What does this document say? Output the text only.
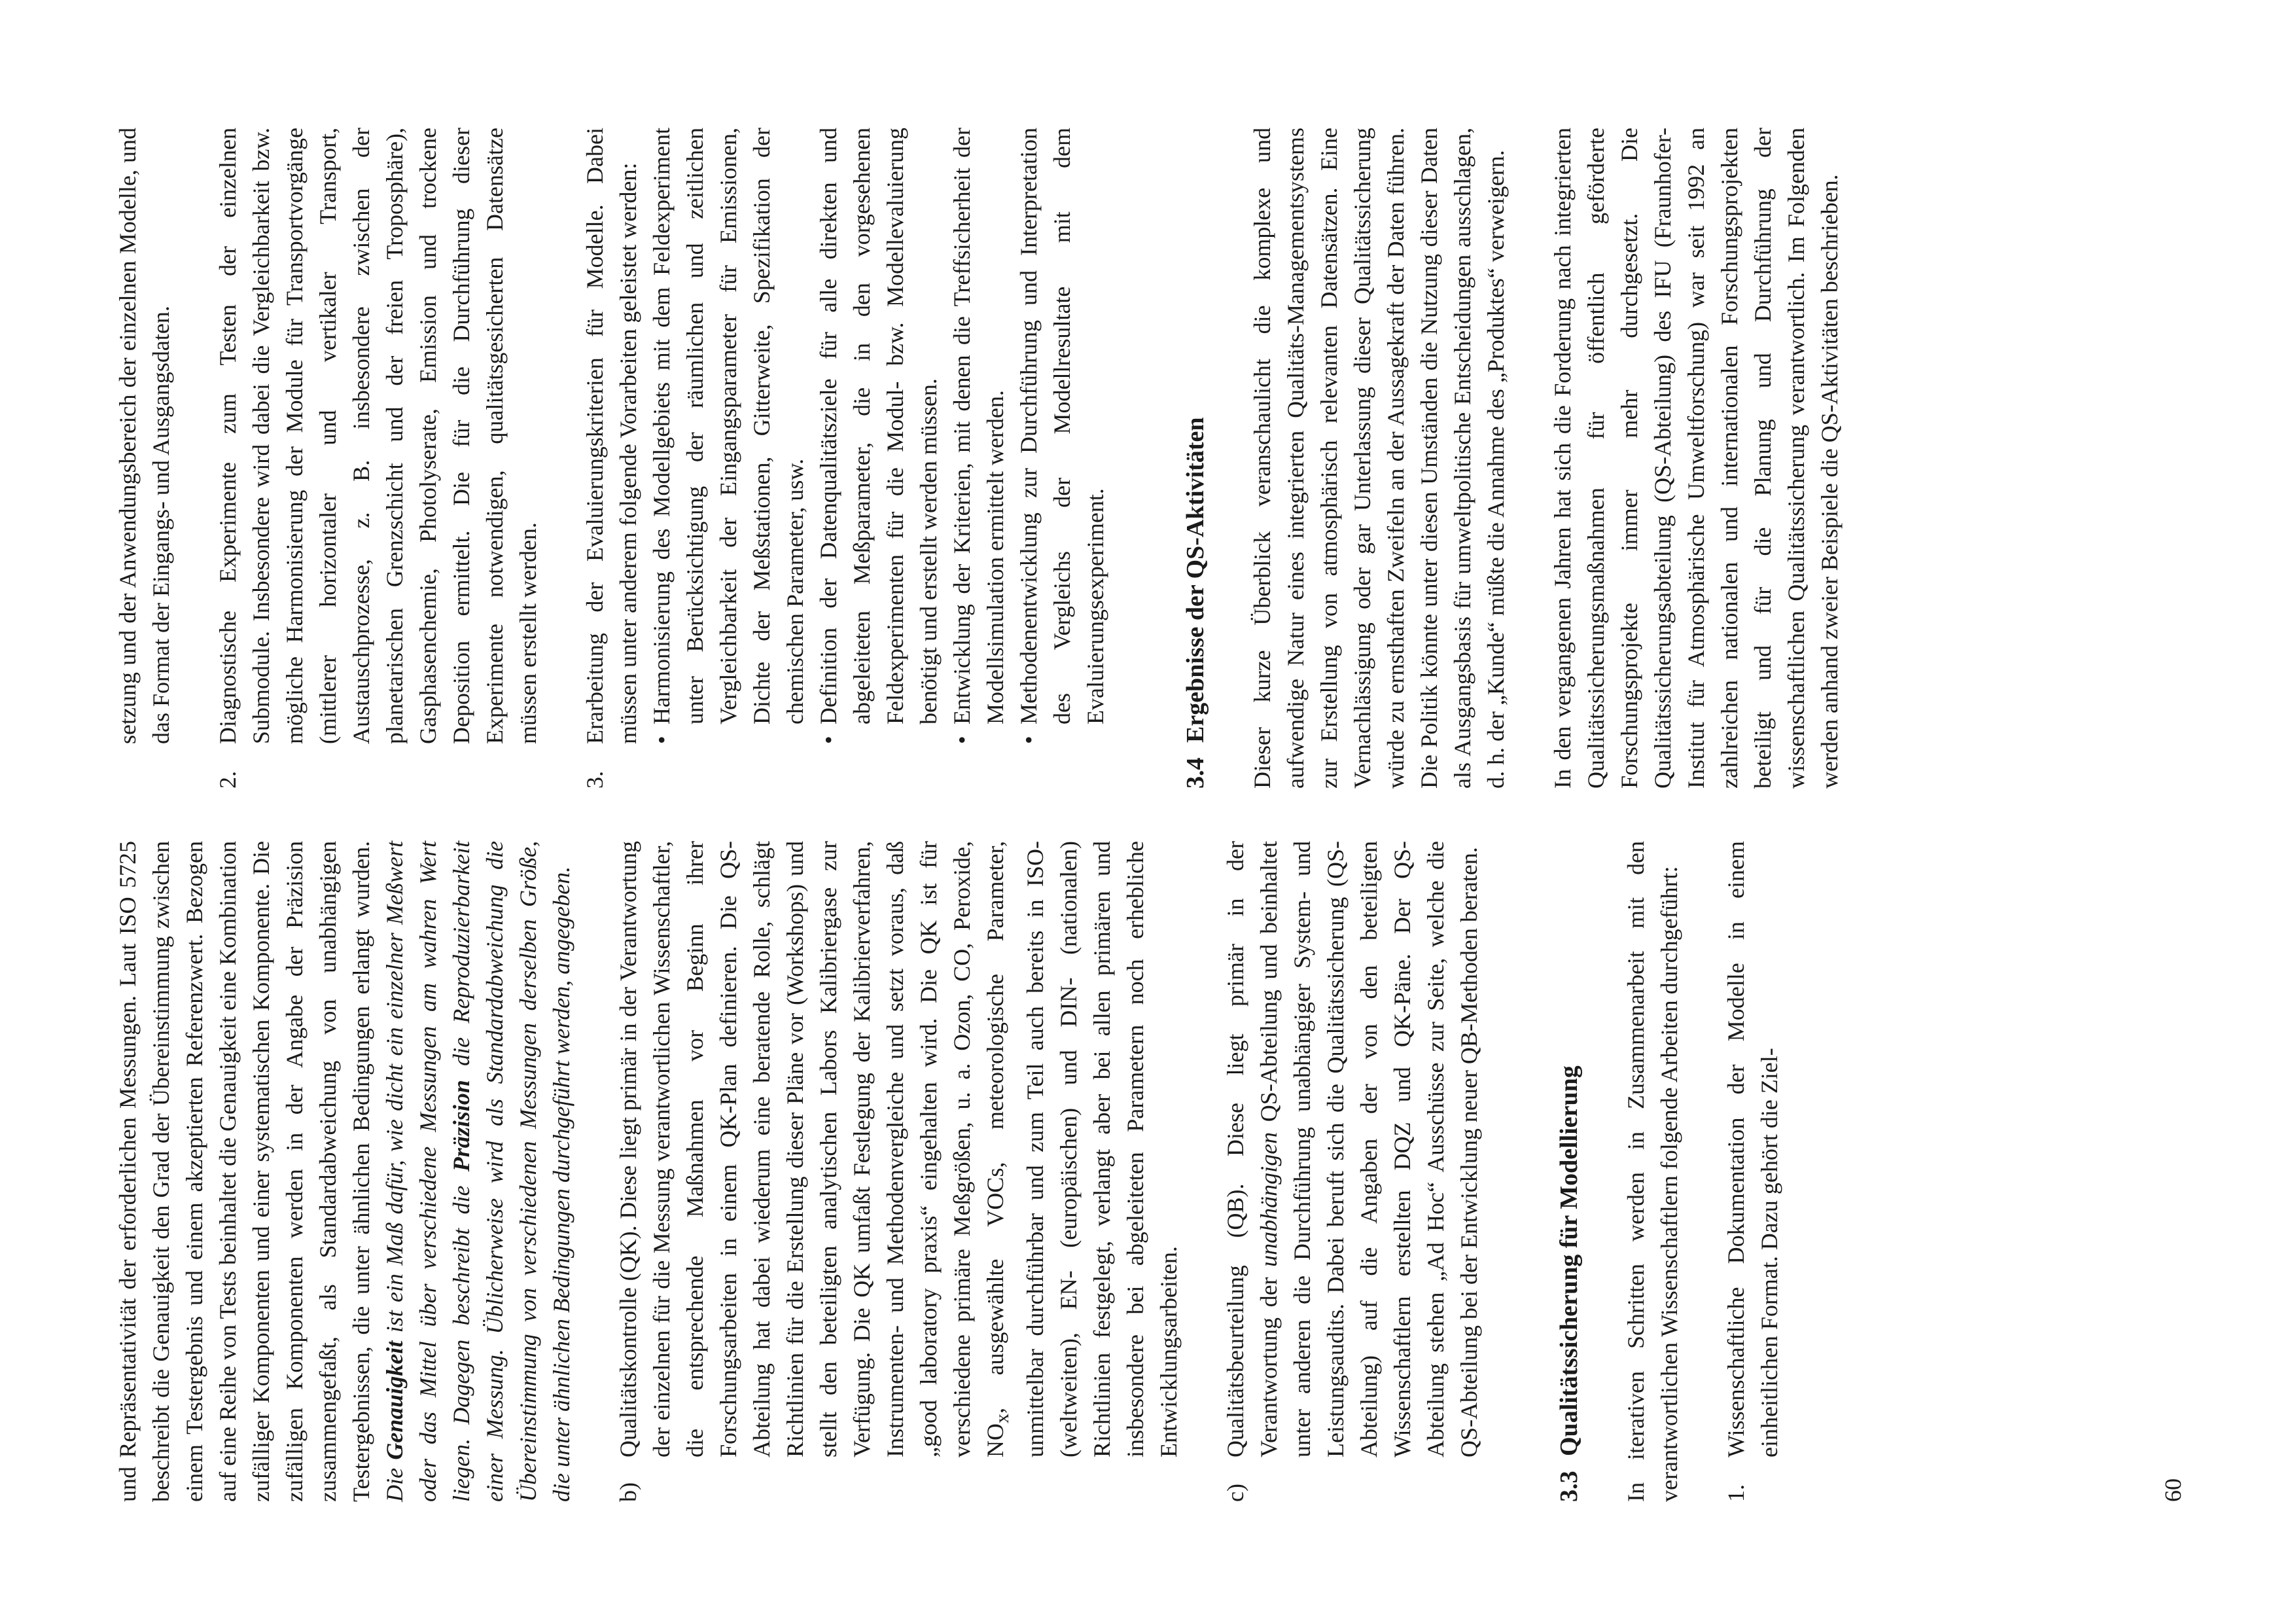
und Repräsentativität der erforderlichen Messungen. Laut ISO 5725 beschreibt die Genauigkeit den Grad der Übereinstimmung zwischen einem Testergebnis und einem akzeptierten Referenzwert. Bezogen auf eine Reihe von Tests beinhaltet die Genauigkeit eine Kombination zufälliger Komponenten und einer systematischen Komponente. Die zufälligen Komponenten werden in der Angabe der Präzision zusammengefaßt, als Standardabweichung von unabhängigen Testergebnissen, die unter ähnlichen Bedingungen erlangt wurden. Die Genauigkeit ist ein Maß dafür, wie dicht ein einzelner Meßwert oder das Mittel über verschiedene Messungen am wahren Wert liegen. Dagegen beschreibt die Präzision die Reproduzierbarkeit einer Messung. Üblicherweise wird als Standardabweichung die Übereinstimmung von verschiedenen Messungen derselben Größe, die unter ähnlichen Bedingungen durchgeführt werden, angegeben. b)
Qualitätskontrolle (QK). Diese liegt primär in der Verantwortung der einzelnen für die Messung verantwortlichen Wissenschaftler, die entsprechende Maßnahmen vor Beginn ihrer Forschungsarbeiten in einem QK-Plan definieren. Die QS-Abteilung hat dabei wiederum eine beratende Rolle, schlägt Richtlinien für die Erstellung dieser Pläne vor (Workshops) und stellt den beteiligten analytischen Labors Kalibriergase zur Verfügung. Die QK umfaßt Festlegung der Kalibrierverfahren, Instrumenten- und Methodenvergleiche und setzt voraus, daß „good laboratory praxis“ eingehalten wird. Die QK ist für verschiedene primäre Meßgrößen, u. a. Ozon, CO, Peroxide, $NO_x$, ausgewählte VOCs, meteorologische Parameter, unmittelbar durchführbar und zum Teil auch bereits in ISO- (weltweiten), EN- (europäischen) und DIN- (nationalen) Richtlinien festgelegt, verlangt aber bei allen primären und insbesondere bei abgeleiteten Parametern noch erhebliche Entwicklungsarbeiten.
c)
Qualitätsbeurteilung (QB). Diese liegt primär in der Verantwortung der unabhängigen QS-Abteilung und beinhaltet unter anderen die Durchführung unabhängiger System- und Leistungsaudits. Dabei beruft sich die Qualitätssicherung (QS-Abteilung) auf die Angaben der von den beteiligten Wissenschaftlern erstellten DQZ und QK-Päne. Der QS-Abteilung stehen „Ad Hoc“ Ausschüsse zur Seite, welche die QS-Abteilung bei der Entwicklung neuer QB-Methoden beraten.
3.3
Qualitätssicherung für Modellierung In iterativen Schritten werden in Zusammenarbeit mit den verantwortlichen Wissenschaftlern folgende Arbeiten durchgeführt: 1.
Wissenschaftliche Dokumentation der Modelle in einem einheitlichen Format. Dazu gehört die Ziel-

setzung und der Anwendungsbereich der einzelnen Modelle, und das Format der Eingangs- und Ausgangsdaten.

2.
Diagnostische Experimente zum Testen der einzelnen Submodule. Insbesondere wird dabei die Vergleichbarkeit bzw. mögliche Harmonisierung der Module für Transportvorgänge (mittlerer horizontaler und vertikaler Transport, Austauschprozesse, z. B. insbesondere zwischen der planetarischen Grenzschicht und der freien Troposphäre), Gasphasenchemie, Photolyserate, Emission und trockene Deposition ermittelt. Die für die Durchführung dieser Experimente notwendigen, qualitätsgesicherten Datensätze müssen erstellt werden.
3.

Erarbeitung der Evaluierungskriterien für Modelle. Dabei müssen unter anderem folgende Vorarbeiten geleistet werden: •
Harmonisierung des Modellgebiets mit dem Feldexperiment unter Berücksichtigung der räumlichen und zeitlichen Vergleichbarkeit der Eingangsparameter für Emissionen, Dichte der Meßstationen, Gitterweite, Spezifikation der chemischen Parameter, usw.
•
Definition der Datenqualitätsziele für alle direkten und abgeleiteten Meßparameter, die in den vorgesehenen Feldexperimenten für die Modul- bzw. Modellevaluierung benötigt und erstellt werden müssen.
•
Entwicklung der Kriterien, mit denen die Treffsicherheit der Modellsimulation ermittelt werden.
•
Methodenentwicklung zur Durchführung und Interpretation des Vergleichs der Modellresultate mit dem Evaluierungsexperiment.
3.4
Ergebnisse der QS-Aktivitäten Dieser kurze Überblick veranschaulicht die komplexe und aufwendige Natur eines integrierten Qualitäts-Managementsystems zur Erstellung von atmosphärisch relevanten Datensätzen. Eine Vernachlässigung oder gar Unterlassung dieser Qualitätssicherung würde zu ernsthaften Zweifeln an der Aussagekraft der Daten führen. Die Politik könnte unter diesen Umständen die Nutzung dieser Daten als Ausgangsbasis für umweltpolitische Entscheidungen ausschlagen, d. h. der „Kunde“ müßte die Annahme des „Produktes“ verweigern. In den vergangenen Jahren hat sich die Forderung nach integrierten Qualitätssicherungsmaßnahmen für öffentlich geförderte Forschungsprojekte immer mehr durchgesetzt. Die Qualitätssicherungsabteilung (QS-Abteilung) des IFU (Fraunhofer-Institut für Atmosphärische Umweltforschung) war seit 1992 an zahlreichen nationalen und internationalen Forschungsprojekten beteiligt und für die Planung und Durchführung der wissenschaftlichen Qualitätssicherung verantwortlich. Im Folgenden werden anhand zweier Beispiele die QS-Aktivitäten beschrieben.

60
